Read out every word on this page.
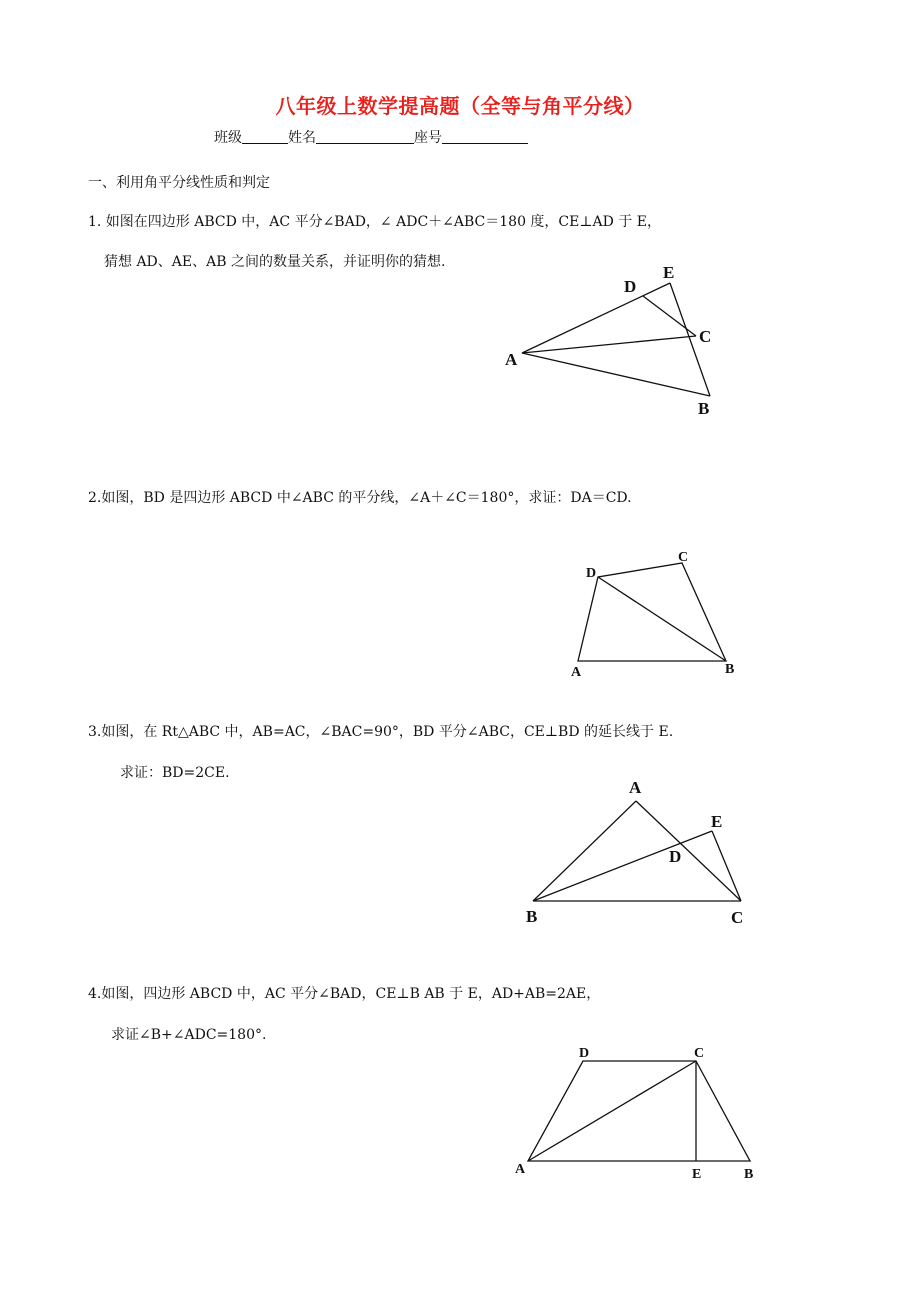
八年级上数学提高题（全等与角平分线）
班级	姓名	座号
一、利用角平分线性质和判定
1. 如图在四边形 ABCD 中，AC 平分∠BAD，∠ ADC＋∠ABC＝180 度，CE⊥AD 于 E，
猜想 AD、AE、AB 之间的数量关系，并证明你的猜想.
A
B
C
D
E
A	B
C
D
A
B	C
D
E
A	B
C
D
E
2.如图，BD 是四边形 ABCD 中∠ABC 的平分线，∠A＋∠C＝180°，求证：DA＝CD.
3.如图，在 Rt△ABC 中，AB=AC，∠BAC=90°，BD 平分∠ABC，CE⊥BD 的延长线于 E.
求证：BD=2CE.
4.如图，四边形 ABCD 中，AC 平分∠BAD，CE⊥B AB 于 E，AD+AB=2AE，
求证∠B+∠ADC=180°.
